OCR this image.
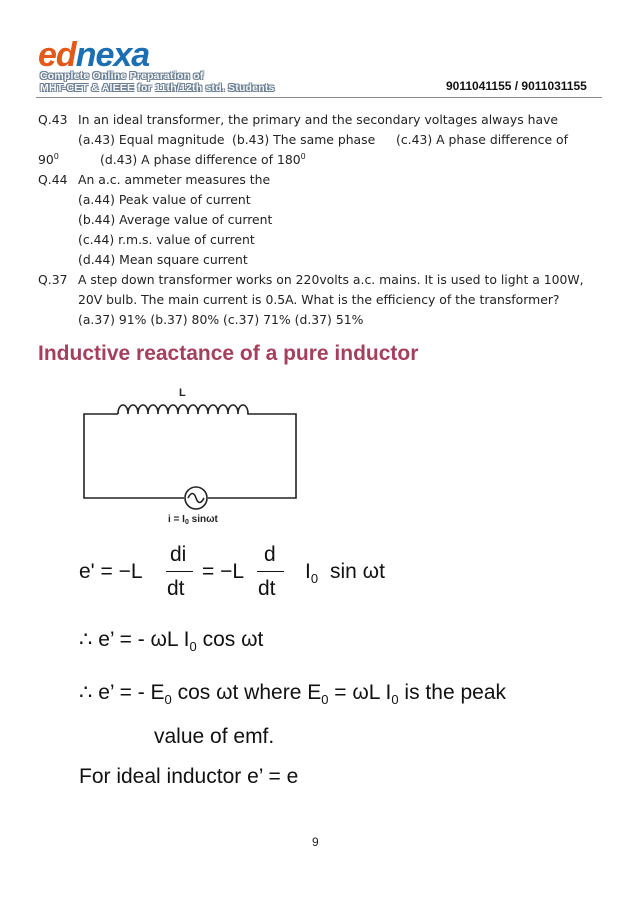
ednexa
Complete Online Preparation of
MHT-CET & AIEEE for 11th/12th std. Students	9011041155 / 9011031155
Q.43 In an ideal transformer, the primary and the secondary voltages always have
(a.43) Equal magnitude (b.43) The same phase (c.43) A phase difference of
$90^0$	(d.43) A phase difference of $180^0$
Q.44 An a.c. ammeter measures the
(a.44) Peak value of current
(b.44) Average value of current
(c.44) r.m.s. value of current
(d.44) Mean square current
Q.37 A step down transformer works on 220volts a.c. mains. It is used to light a 100W,
20V bulb. The main current is 0.5A. What is the efficiency of the transformer?
(a.37) 91% (b.37) 80% (c.37) 71% (d.37) 51%
Inductive reactance of a pure inductor
L
$i = I_0$ sinωt
e' = −L
di
dt
= −L
d
dt
$I_0$ sin ωt
∴ e’ = - ωL $I_0$ cos ωt
∴ e’ = - $E_0$ cos ωt where $E_0 = \omega L$ $I_0$ is the peak
value of emf.
For ideal inductor e’ = e
9
